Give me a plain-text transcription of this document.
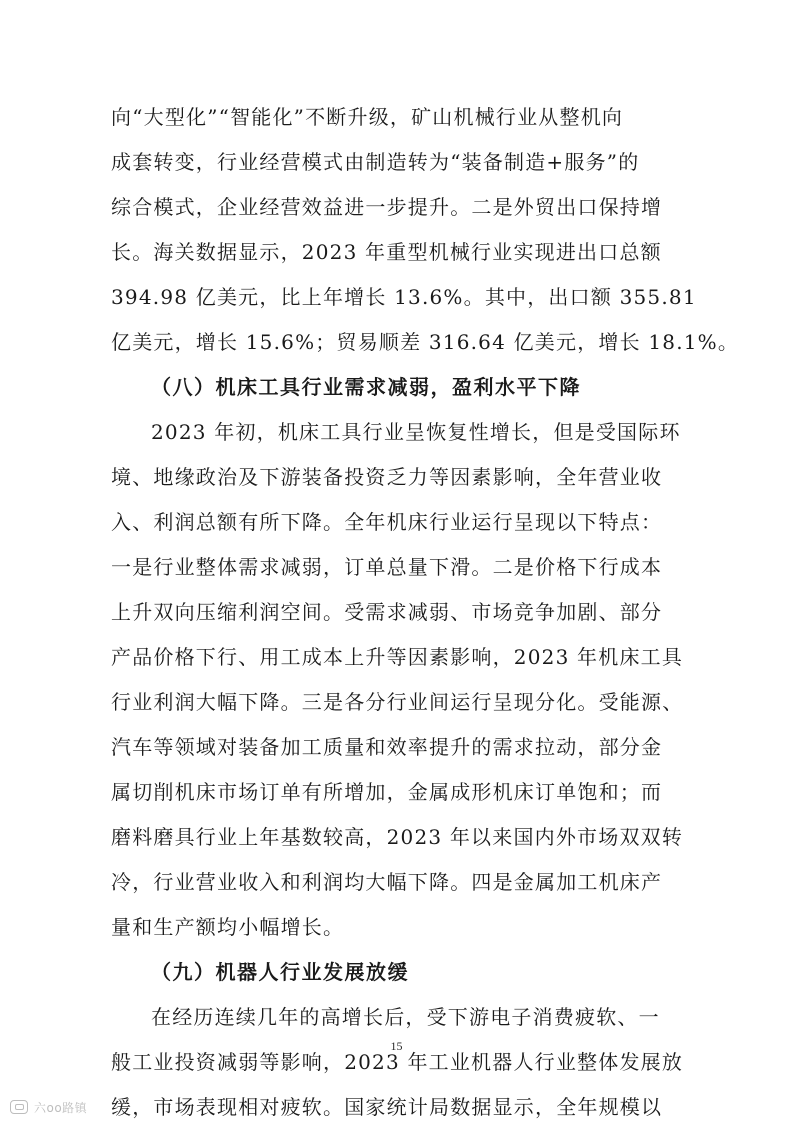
向“大型化”“智能化”不断升级，矿山机械行业从整机向
成套转变，行业经营模式由制造转为“装备制造+服务”的
综合模式，企业经营效益进一步提升。二是外贸出口保持增
长。海关数据显示，2023 年重型机械行业实现进出口总额
394.98 亿美元，比上年增长 13.6%。其中，出口额 355.81
亿美元，增长 15.6%；贸易顺差 316.64 亿美元，增长 18.1%。
（八）机床工具行业需求减弱，盈利水平下降
2023 年初，机床工具行业呈恢复性增长，但是受国际环
境、地缘政治及下游装备投资乏力等因素影响，全年营业收
入、利润总额有所下降。全年机床行业运行呈现以下特点：
一是行业整体需求减弱，订单总量下滑。二是价格下行成本
上升双向压缩利润空间。受需求减弱、市场竞争加剧、部分
产品价格下行、用工成本上升等因素影响，2023 年机床工具
行业利润大幅下降。三是各分行业间运行呈现分化。受能源、
汽车等领域对装备加工质量和效率提升的需求拉动，部分金
属切削机床市场订单有所增加，金属成形机床订单饱和；而
磨料磨具行业上年基数较高，2023 年以来国内外市场双双转
冷，行业营业收入和利润均大幅下降。四是金属加工机床产
量和生产额均小幅增长。
（九）机器人行业发展放缓
在经历连续几年的高增长后，受下游电子消费疲软、一
般工业投资减弱等影响，2023 年工业机器人行业整体发展放
缓，市场表现相对疲软。国家统计局数据显示，全年规模以
15
六oo路镇
